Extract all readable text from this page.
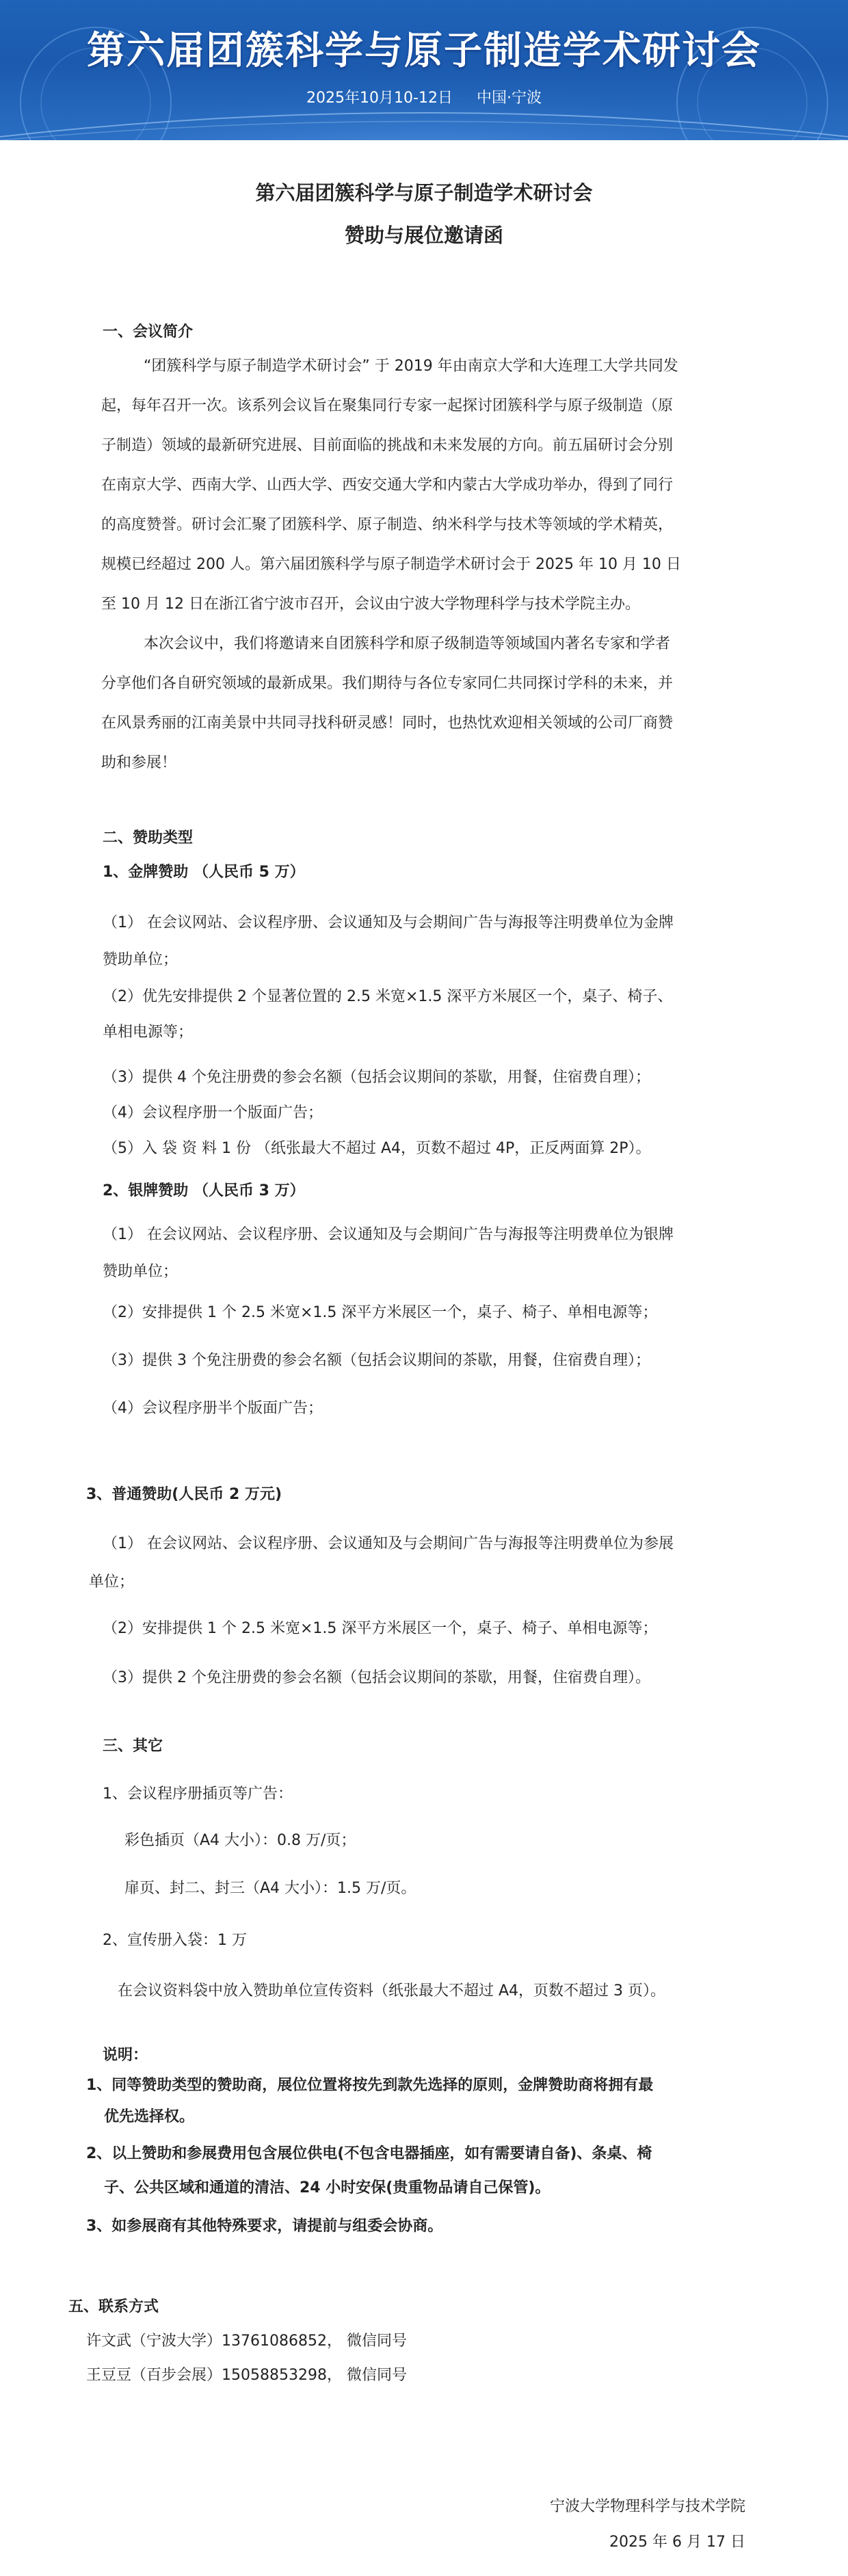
第六届团簇科学与原子制造学术研讨会
2025年10月10-12日 中国·宁波
第六届团簇科学与原子制造学术研讨会
赞助与展位邀请函
一、会议简介
“团簇科学与原子制造学术研讨会” 于 2019 年由南京大学和大连理工大学共同发
起，每年召开一次。该系列会议旨在聚集同行专家一起探讨团簇科学与原子级制造（原
子制造）领域的最新研究进展、目前面临的挑战和未来发展的方向。前五届研讨会分别
在南京大学、西南大学、山西大学、西安交通大学和内蒙古大学成功举办，得到了同行
的高度赞誉。研讨会汇聚了团簇科学、原子制造、纳米科学与技术等领域的学术精英，
规模已经超过 200 人。第六届团簇科学与原子制造学术研讨会于 2025 年 10 月 10 日
至 10 月 12 日在浙江省宁波市召开，会议由宁波大学物理科学与技术学院主办。
本次会议中，我们将邀请来自团簇科学和原子级制造等领域国内著名专家和学者
分享他们各自研究领域的最新成果。我们期待与各位专家同仁共同探讨学科的未来，并
在风景秀丽的江南美景中共同寻找科研灵感！同时，也热忱欢迎相关领域的公司厂商赞
助和参展！
二、赞助类型
1、金牌赞助 （人民币 5 万）
（1） 在会议网站、会议程序册、会议通知及与会期间广告与海报等注明费单位为金牌
赞助单位；
（2）优先安排提供 2 个显著位置的 2.5 米宽×1.5 深平方米展区一个，桌子、椅子、
单相电源等；
（3）提供 4 个免注册费的参会名额（包括会议期间的茶歇，用餐，住宿费自理）；
（4）会议程序册一个版面广告；
（5）入 袋 资 料 1 份 （纸张最大不超过 A4，页数不超过 4P，正反两面算 2P）。
2、银牌赞助 （人民币 3 万）
（1） 在会议网站、会议程序册、会议通知及与会期间广告与海报等注明费单位为银牌
赞助单位；
（2）安排提供 1 个 2.5 米宽×1.5 深平方米展区一个，桌子、椅子、单相电源等；
（3）提供 3 个免注册费的参会名额（包括会议期间的茶歇，用餐，住宿费自理）；
（4）会议程序册半个版面广告；
3、普通赞助(人民币 2 万元)
（1） 在会议网站、会议程序册、会议通知及与会期间广告与海报等注明费单位为参展
单位；
（2）安排提供 1 个 2.5 米宽×1.5 深平方米展区一个，桌子、椅子、单相电源等；
（3）提供 2 个免注册费的参会名额（包括会议期间的茶歇，用餐，住宿费自理）。
三、其它
1、会议程序册插页等广告：
彩色插页（A4 大小）：0.8 万/页；
扉页、封二、封三（A4 大小）：1.5 万/页。
2、宣传册入袋：1 万
在会议资料袋中放入赞助单位宣传资料（纸张最大不超过 A4，页数不超过 3 页）。
说明：
1、同等赞助类型的赞助商，展位位置将按先到款先选择的原则，金牌赞助商将拥有最
优先选择权。
2、以上赞助和参展费用包含展位供电(不包含电器插座，如有需要请自备)、条桌、椅
子、公共区域和通道的清洁、24 小时安保(贵重物品请自己保管)。
3、如参展商有其他特殊要求，请提前与组委会协商。
五、联系方式
许文武（宁波大学）13761086852， 微信同号
王豆豆（百步会展）15058853298， 微信同号
宁波大学物理科学与技术学院
2025 年 6 月 17 日
